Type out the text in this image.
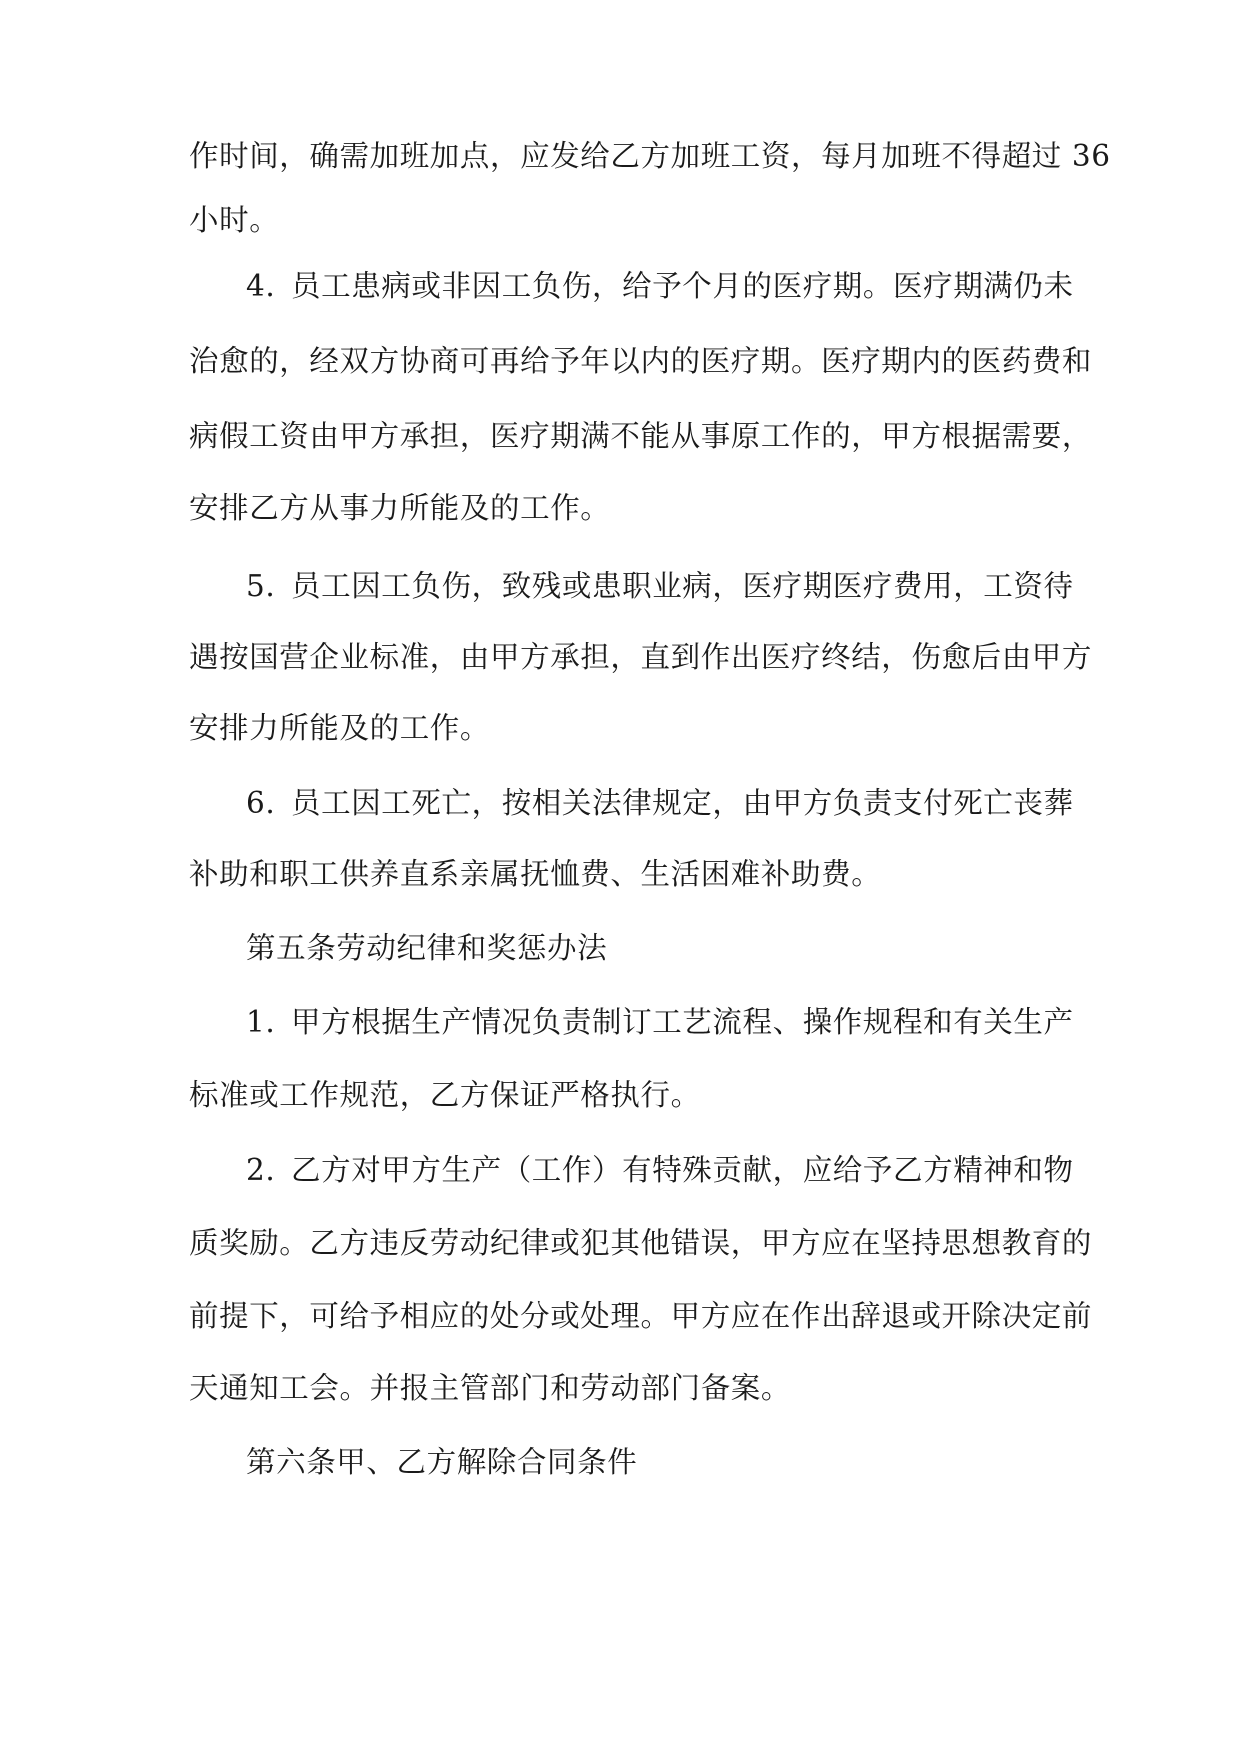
作时间，确需加班加点，应发给乙方加班工资，每月加班不得超过 36

小时。

4. 员工患病或非因工负伤，给予个月的医疗期。医疗期满仍未

治愈的，经双方协商可再给予年以内的医疗期。医疗期内的医药费和

病假工资由甲方承担，医疗期满不能从事原工作的，甲方根据需要，

安排乙方从事力所能及的工作。

5. 员工因工负伤，致残或患职业病，医疗期医疗费用，工资待

遇按国营企业标准，由甲方承担，直到作出医疗终结，伤愈后由甲方

安排力所能及的工作。

6. 员工因工死亡，按相关法律规定，由甲方负责支付死亡丧葬

补助和职工供养直系亲属抚恤费、生活困难补助费。

第五条劳动纪律和奖惩办法

1. 甲方根据生产情况负责制订工艺流程、操作规程和有关生产

标准或工作规范，乙方保证严格执行。

2. 乙方对甲方生产（工作）有特殊贡献，应给予乙方精神和物

质奖励。乙方违反劳动纪律或犯其他错误，甲方应在坚持思想教育的

前提下，可给予相应的处分或处理。甲方应在作出辞退或开除决定前

天通知工会。并报主管部门和劳动部门备案。

第六条甲、乙方解除合同条件
